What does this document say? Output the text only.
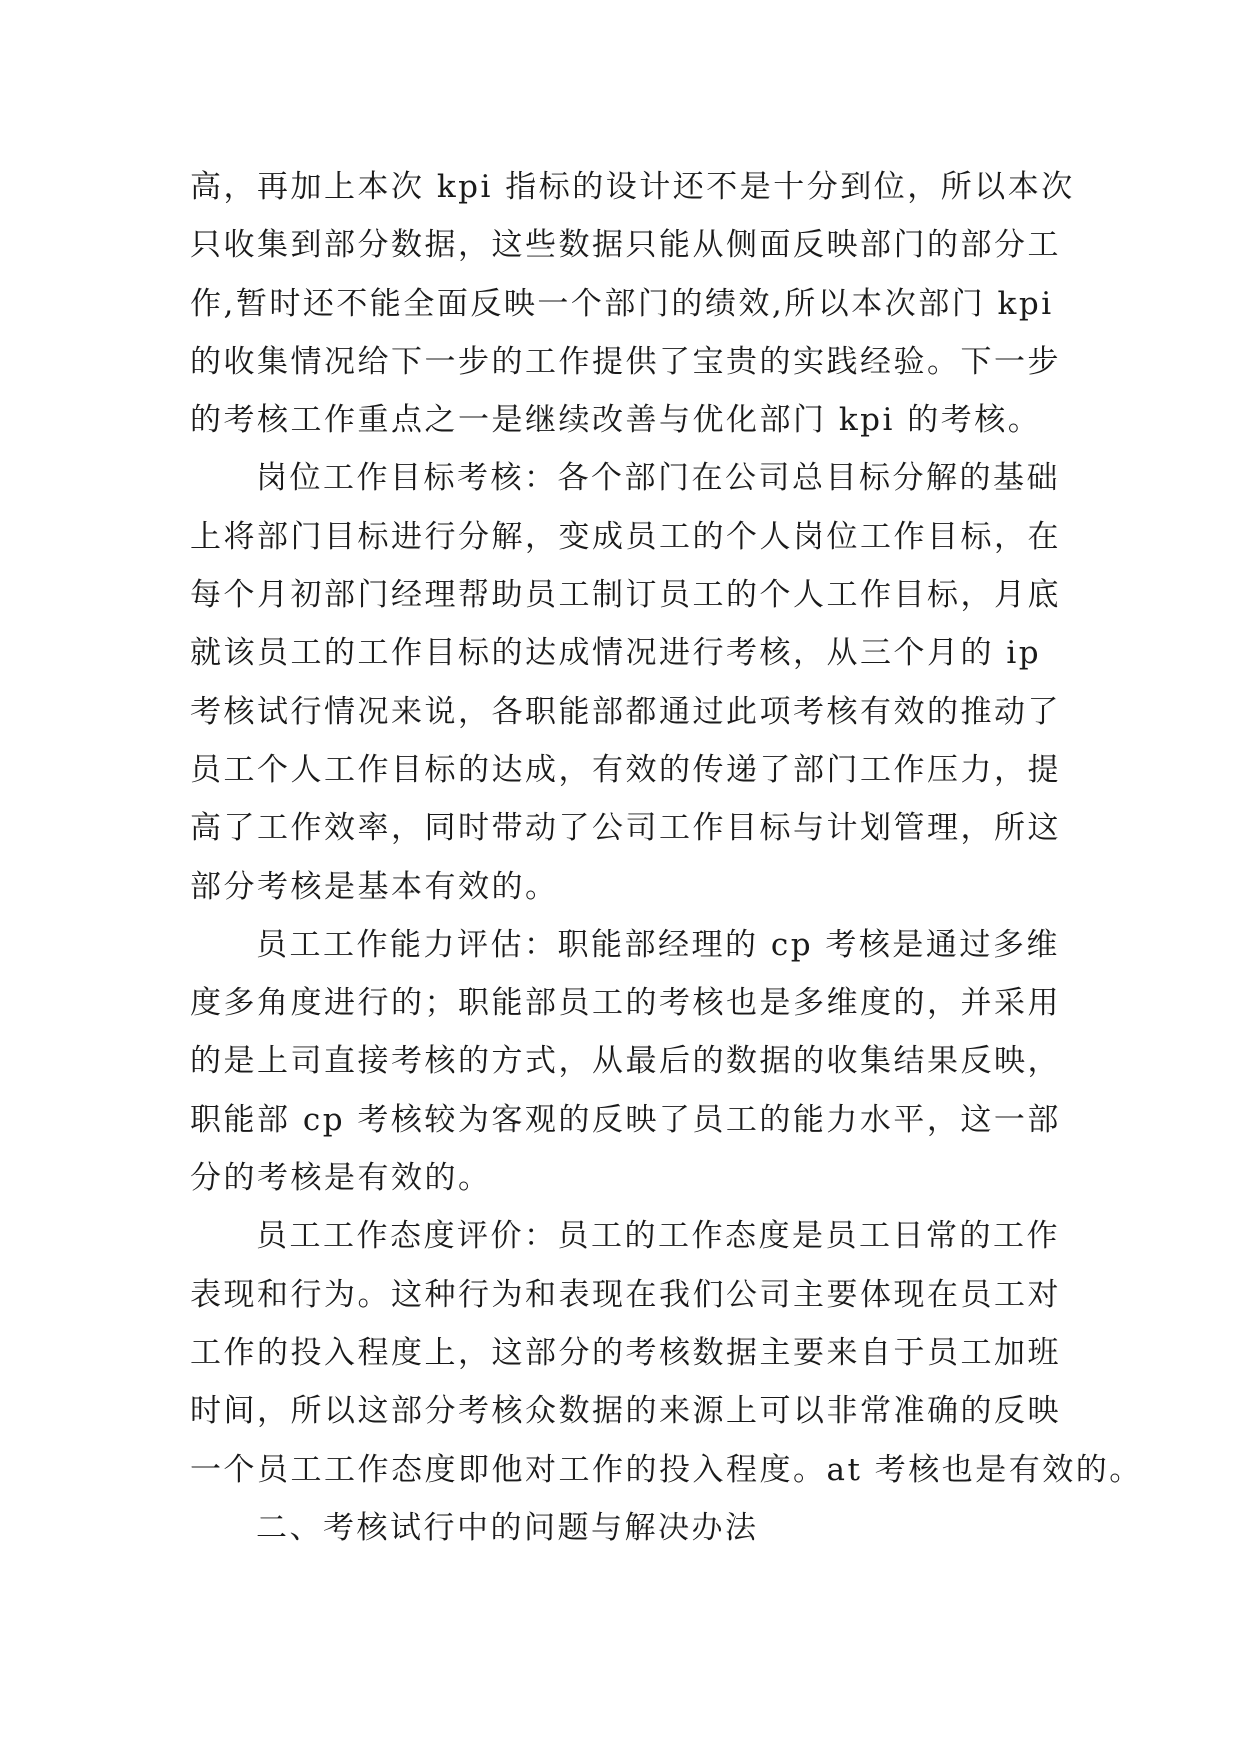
高，再加上本次 kpi 指标的设计还不是十分到位，所以本次
只收集到部分数据，这些数据只能从侧面反映部门的部分工
作,暂时还不能全面反映一个部门的绩效,所以本次部门 kpi
的收集情况给下一步的工作提供了宝贵的实践经验。下一步
的考核工作重点之一是继续改善与优化部门 kpi 的考核。
岗位工作目标考核：各个部门在公司总目标分解的基础
上将部门目标进行分解，变成员工的个人岗位工作目标，在
每个月初部门经理帮助员工制订员工的个人工作目标，月底
就该员工的工作目标的达成情况进行考核，从三个月的 ip
考核试行情况来说，各职能部都通过此项考核有效的推动了
员工个人工作目标的达成，有效的传递了部门工作压力，提
高了工作效率，同时带动了公司工作目标与计划管理，所这
部分考核是基本有效的。
员工工作能力评估：职能部经理的 cp 考核是通过多维
度多角度进行的；职能部员工的考核也是多维度的，并采用
的是上司直接考核的方式，从最后的数据的收集结果反映，
职能部 cp 考核较为客观的反映了员工的能力水平，这一部
分的考核是有效的。
员工工作态度评价：员工的工作态度是员工日常的工作
表现和行为。这种行为和表现在我们公司主要体现在员工对
工作的投入程度上，这部分的考核数据主要来自于员工加班
时间，所以这部分考核众数据的来源上可以非常准确的反映
一个员工工作态度即他对工作的投入程度。at 考核也是有效的。
二、考核试行中的问题与解决办法
